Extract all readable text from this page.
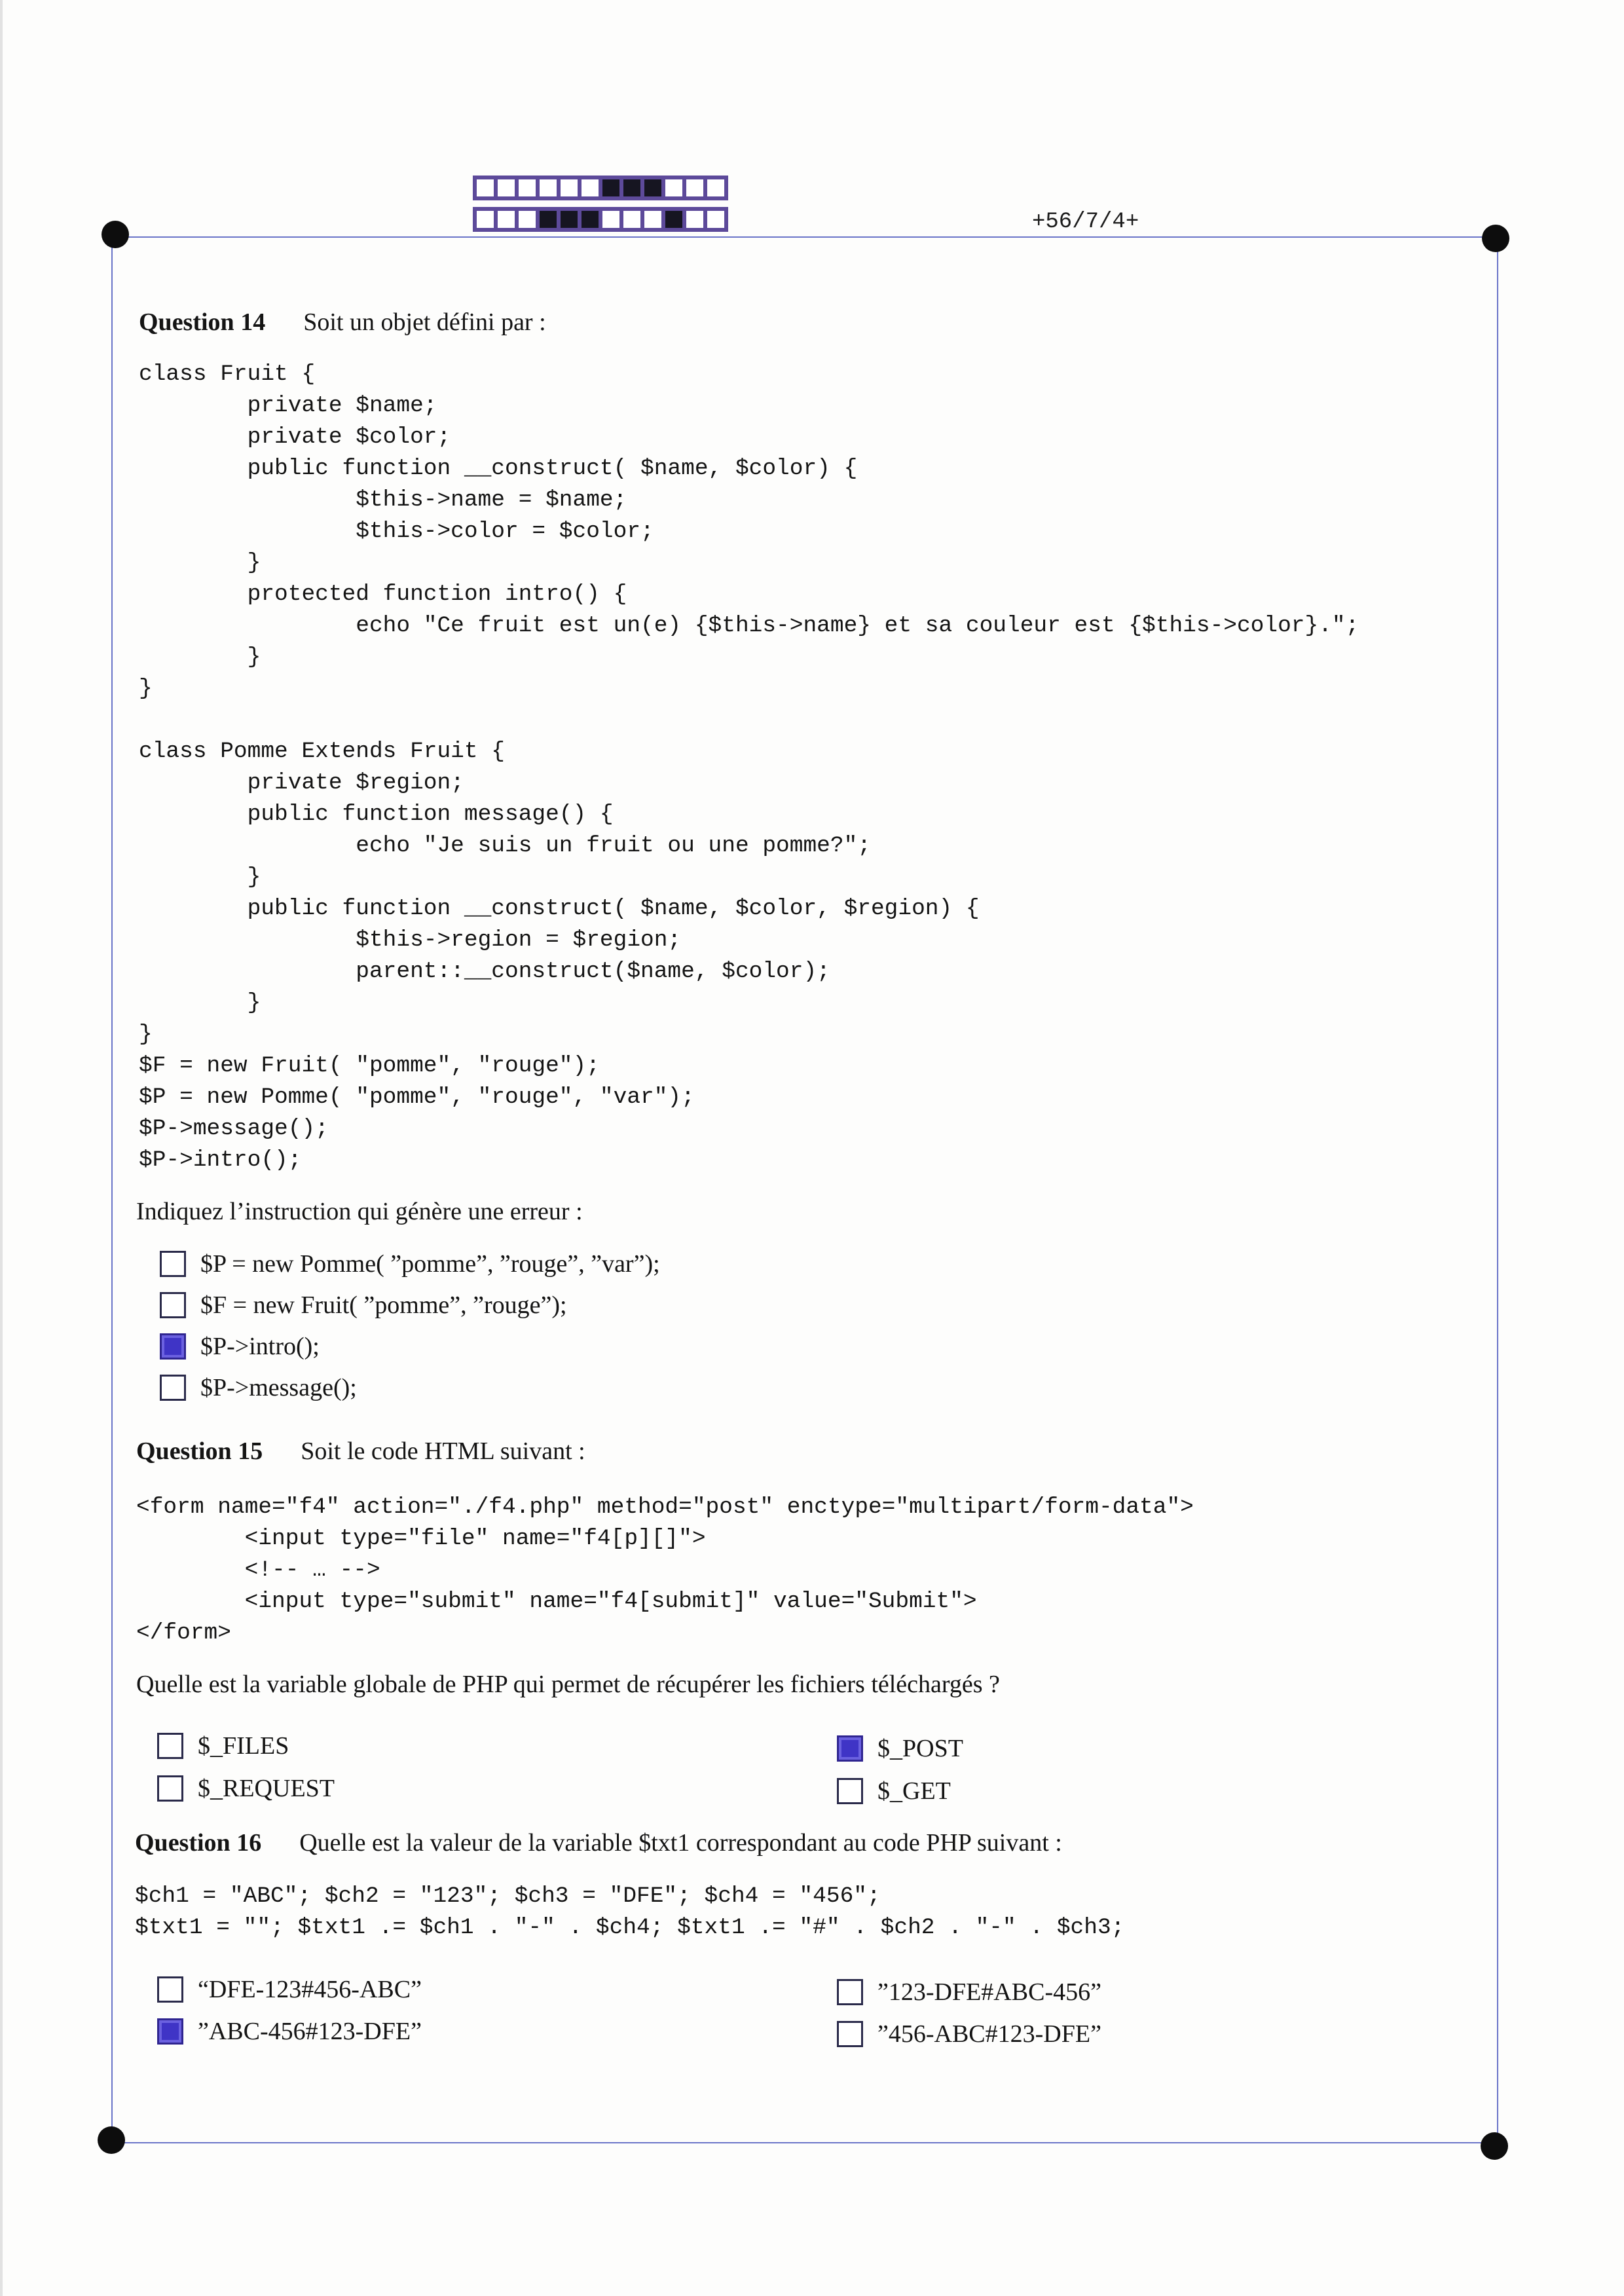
+56/7/4+
Question 14 Soit un objet défini par :
class Fruit {
private $name;
private $color;
public function __construct( $name, $color) {
$this->name = $name;
$this->color = $color;
}
protected function intro() {
echo "Ce fruit est un(e) {$this->name} et sa couleur est {$this->color}.";
}
}
class Pomme Extends Fruit {
private $region;
public function message() {
echo "Je suis un fruit ou une pomme?";
}
public function __construct( $name, $color, $region) {
$this->region = $region;
parent::__construct($name, $color);
}
}
$F = new Fruit( "pomme", "rouge");
$P = new Pomme( "pomme", "rouge", "var");
$P->message();
$P->intro();
Indiquez l’instruction qui génère une erreur :
$P = new Pomme( ”pomme”, ”rouge”, ”var”);
$F = new Fruit( ”pomme”, ”rouge”);
$P->intro();
$P->message();
Question 15 Soit le code HTML suivant :
<form name="f4" action="./f4.php" method="post" enctype="multipart/form-data">
<input type="file" name="f4[p][]">
<!-- … -->
<input type="submit" name="f4[submit]" value="Submit">
</form>
Quelle est la variable globale de PHP qui permet de récupérer les fichiers téléchargés ?
$_FILES	$_POST
$_REQUEST	$_GET
Question 16 Quelle est la valeur de la variable $txt1 correspondant au code PHP suivant :
$ch1 = "ABC"; $ch2 = "123"; $ch3 = "DFE"; $ch4 = "456";
$txt1 = ""; $txt1 .= $ch1 . "-" . $ch4; $txt1 .= "#" . $ch2 . "-" . $ch3;
“DFE-123#456-ABC”	”123-DFE#ABC-456”
”ABC-456#123-DFE”	”456-ABC#123-DFE”
